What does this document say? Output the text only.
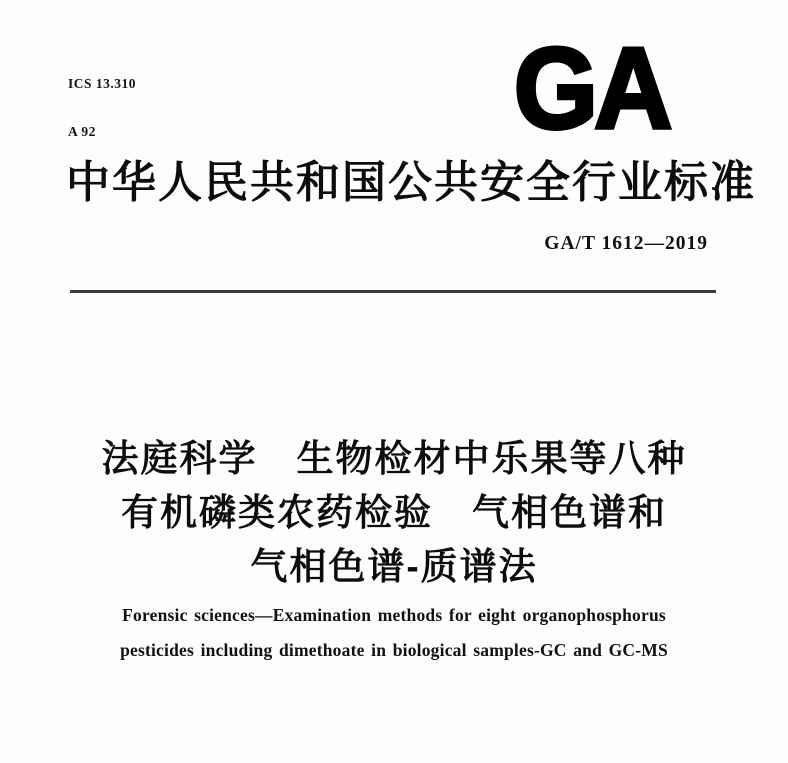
ICS 13.310

A 92

	GA
中华人民共和国公共安全行业标准
GA/T 1612—2019
法庭科学　生物检材中乐果等八种
有机磷类农药检验　气相色谱和
气相色谱-质谱法
Forensic sciences—Examination methods for eight organophosphorus
pesticides including dimethoate in biological samples-GC and GC-MS
